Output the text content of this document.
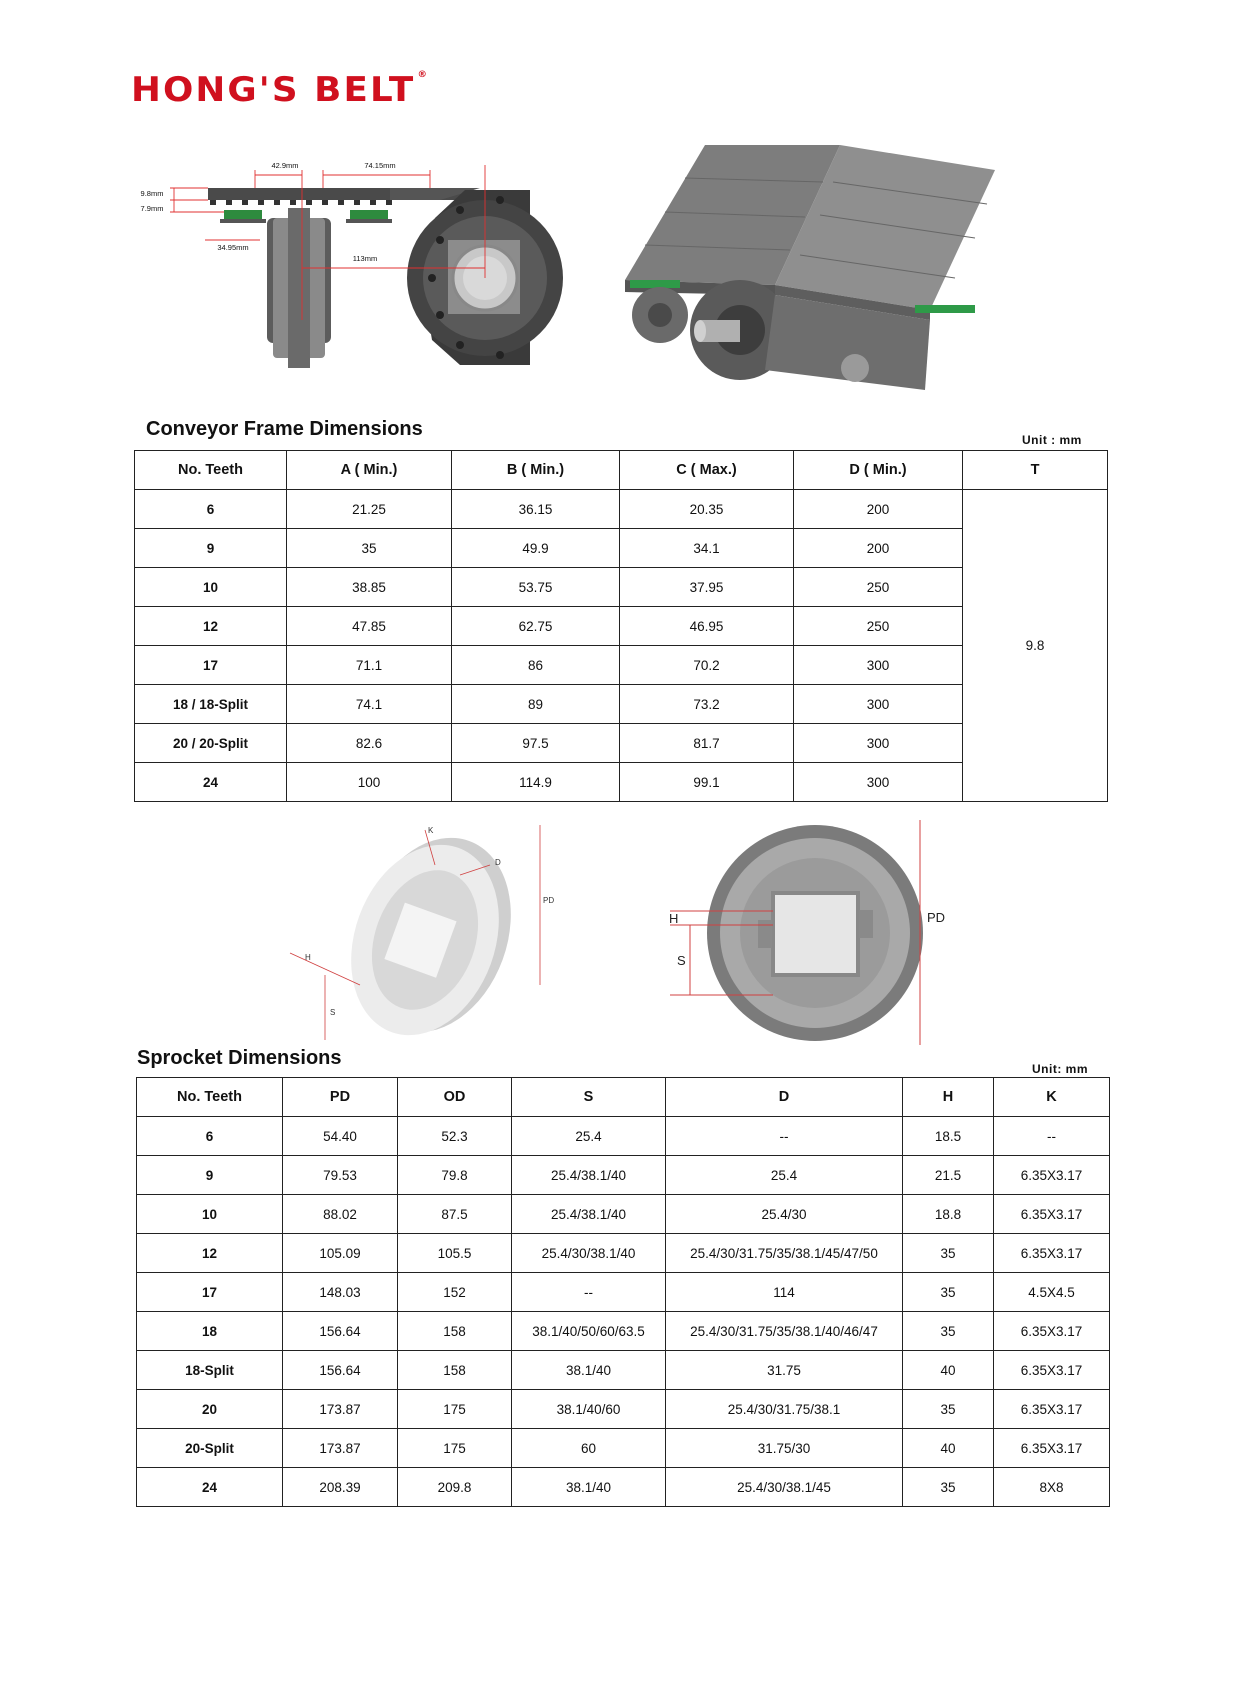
HONG'S BELT ®
42.9mm	74.15mm
9.8mm
7.9mm
34.95mm
113mm
Conveyor Frame Dimensions	Unit : mm
No. Teeth	A ( Min.)	B ( Min.)	C ( Max.)	D ( Min.)	T
6	21.25	36.15	20.35	200	9.8
9	35	49.9	34.1	200	
10	38.85	53.75	37.95	250	
12	47.85	62.75	46.95	250	
17	71.1	86	70.2	300	
18 / 18-Split	74.1	89	73.2	300	
20 / 20-Split	82.6	97.5	81.7	300	
24	100	114.9	99.1	300	
H
S
PD
D
K
H
S
PD
Sprocket Dimensions	Unit: mm
No. Teeth	PD	OD	S	D	H	K
6	54.40	52.3	25.4	--	18.5	--
9	79.53	79.8	25.4/38.1/40	25.4	21.5	6.35X3.17
10	88.02	87.5	25.4/38.1/40	25.4/30	18.8	6.35X3.17
12	105.09	105.5	25.4/30/38.1/40	25.4/30/31.75/35/38.1/45/47/50	35	6.35X3.17
17	148.03	152	--	114	35	4.5X4.5
18	156.64	158	38.1/40/50/60/63.5	25.4/30/31.75/35/38.1/40/46/47	35	6.35X3.17
18-Split	156.64	158	38.1/40	31.75	40	6.35X3.17
20	173.87	175	38.1/40/60	25.4/30/31.75/38.1	35	6.35X3.17
20-Split	173.87	175	60	31.75/30	40	6.35X3.17
24	208.39	209.8	38.1/40	25.4/30/38.1/45	35	8X8
